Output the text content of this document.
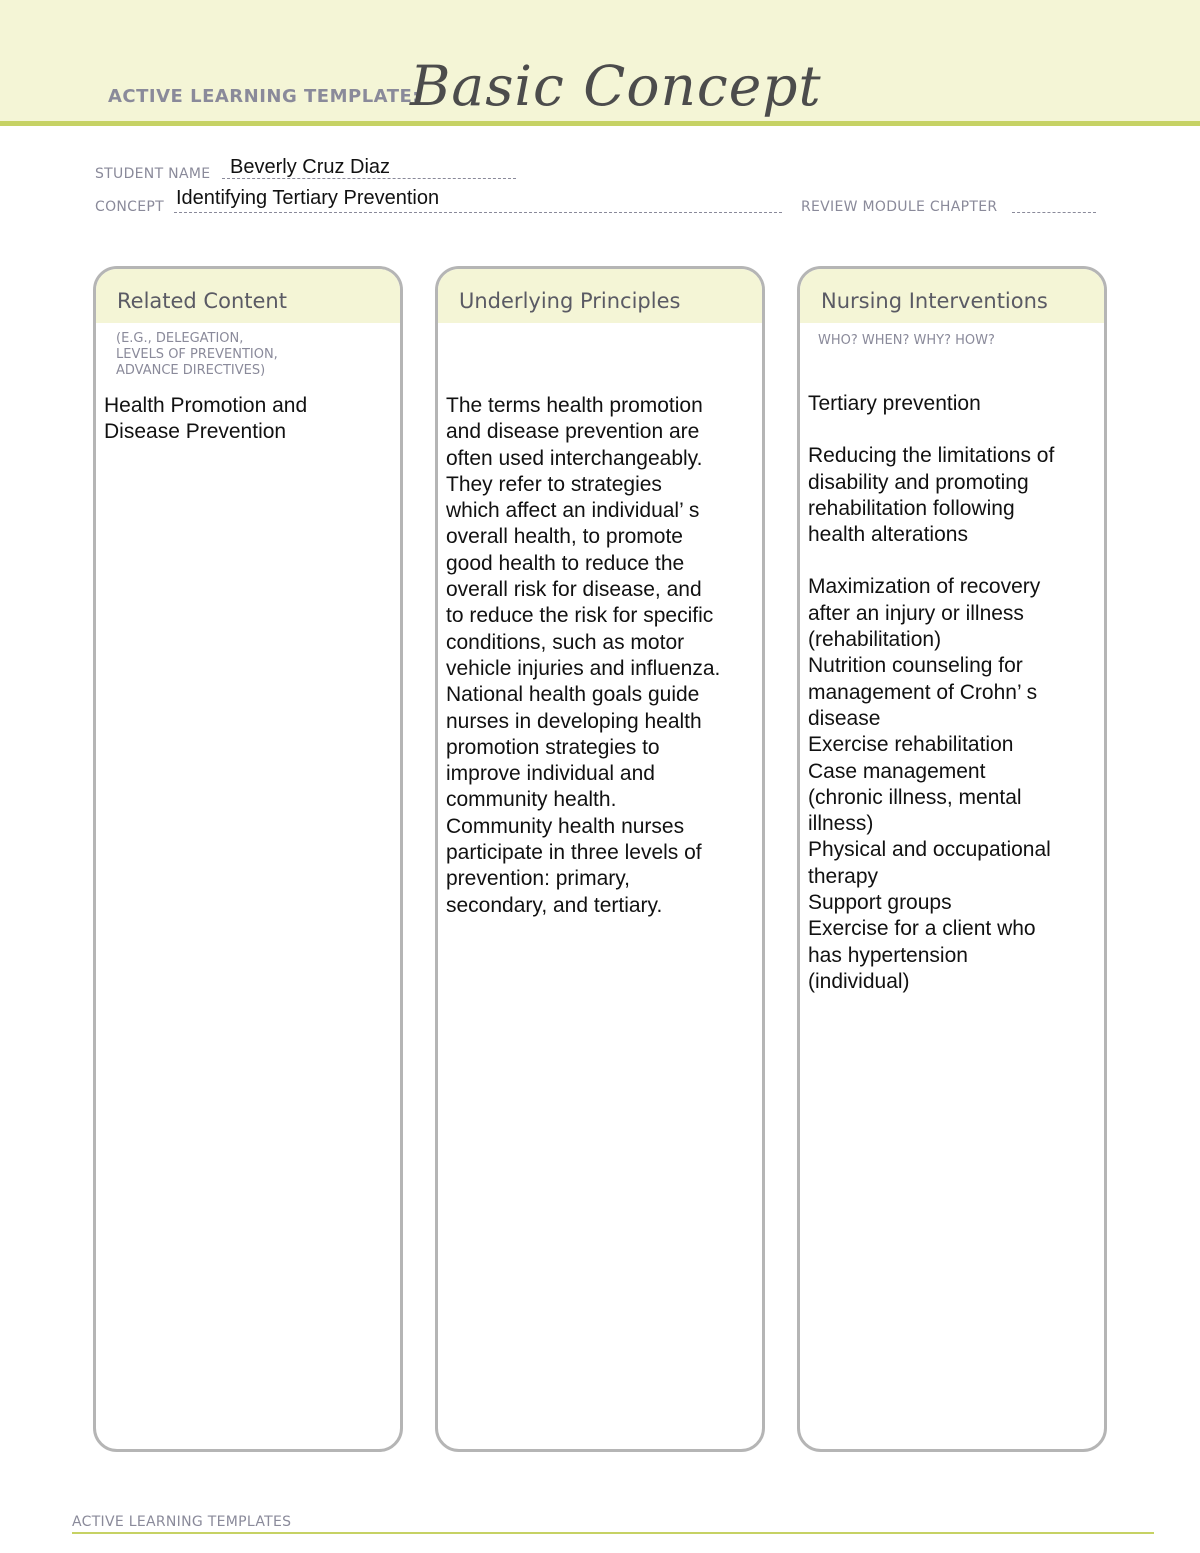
ACTIVE LEARNING TEMPLATE:
Basic Concept
STUDENT NAME Beverly Cruz Diaz
CONCEPT Identifying Tertiary Prevention	REVIEW MODULE CHAPTER
Related Content
(E.G., DELEGATION,
LEVELS OF PREVENTION,
ADVANCE DIRECTIVES)

Health Promotion and

Disease Prevention

Underlying Principles

The terms health promotion

and disease prevention are

often used interchangeably.

They refer to strategies

which affect an individual’ s

overall health, to promote

good health to reduce the

overall risk for disease, and

to reduce the risk for specific

conditions, such as motor

vehicle injuries and influenza.

National health goals guide

nurses in developing health

promotion strategies to

improve individual and

community health.

Community health nurses

participate in three levels of

prevention: primary,

secondary, and tertiary.

Nursing Interventions
WHO? WHEN? WHY? HOW?

Tertiary prevention

Reducing the limitations of

disability and promoting

rehabilitation following

health alterations

Maximization of recovery

after an injury or illness

(rehabilitation)

Nutrition counseling for

management of Crohn’ s

disease

Exercise rehabilitation

Case management

(chronic illness, mental

illness)

Physical and occupational

therapy

Support groups

Exercise for a client who

has hypertension

(individual)

ACTIVE LEARNING TEMPLATES
